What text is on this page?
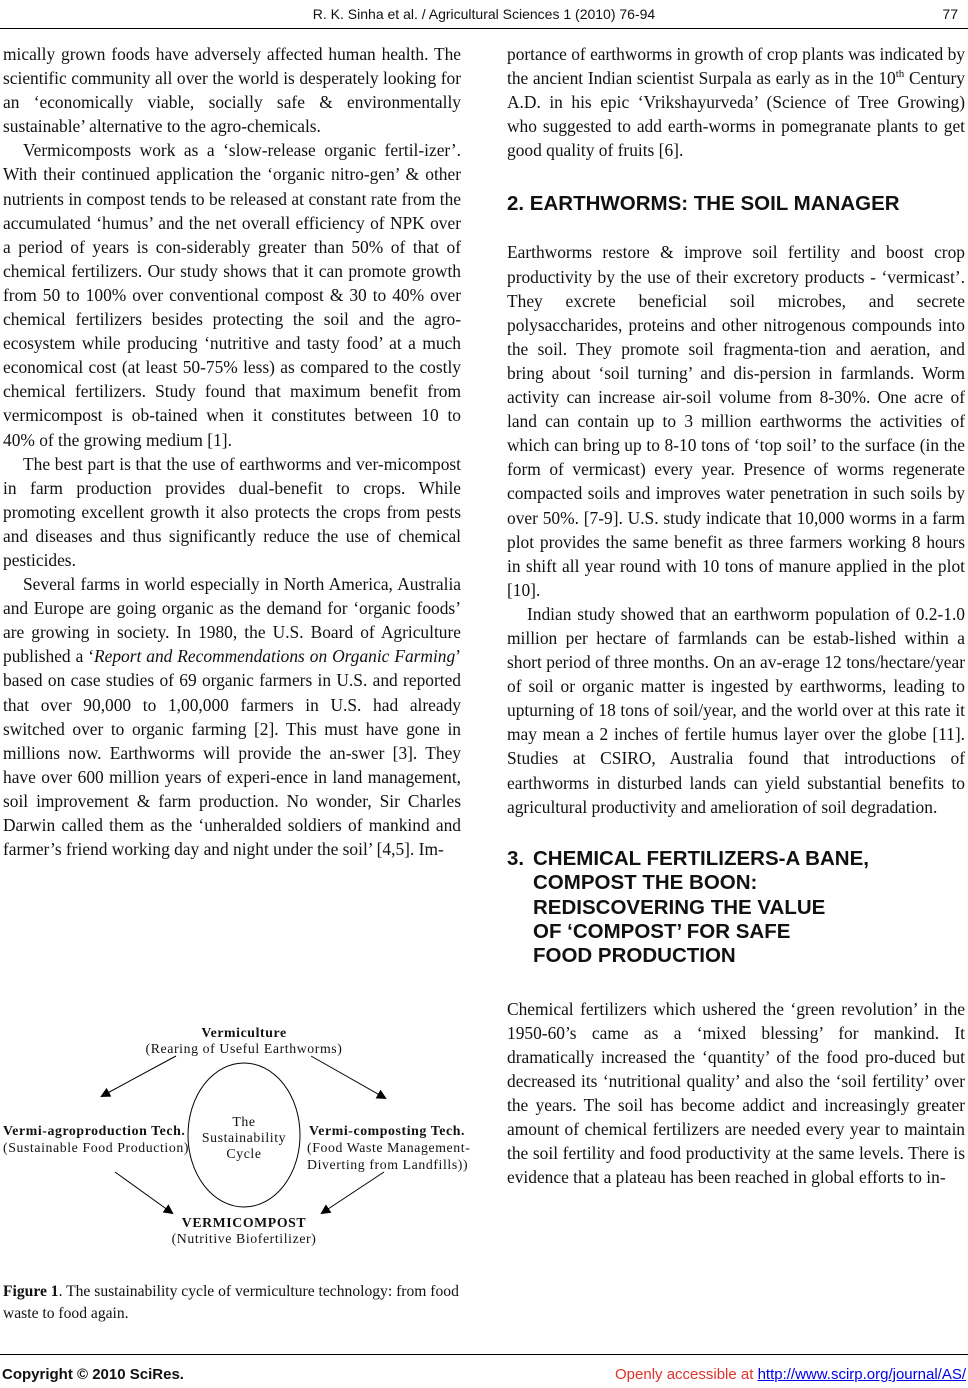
R. K. Sinha et al. / Agricultural Sciences 1 (2010) 76-94	77

mically grown foods have adversely affected human health. The scientific community all over the world is desperately looking for an ‘economically viable, socially safe & environmentally sustainable’ alternative to the agro-chemicals.

Vermicomposts work as a ‘slow-release organic fertil-izer’. With their continued application the ‘organic nitro-gen’ & other nutrients in compost tends to be released at constant rate from the accumulated ‘humus’ and the net overall efficiency of NPK over a period of years is con-siderably greater than 50% of that of chemical fertilizers. Our study shows that it can promote growth from 50 to 100% over conventional compost & 30 to 40% over chemical fertilizers besides protecting the soil and the agro-ecosystem while producing ‘nutritive and tasty food’ at a much economical cost (at least 50-75% less) as compared to the costly chemical fertilizers. Study found that maximum benefit from vermicompost is ob-tained when it constitutes between 10 to 40% of the growing medium [1].

The best part is that the use of earthworms and ver-micompost in farm production provides dual-benefit to crops. While promoting excellent growth it also protects the crops from pests and diseases and thus significantly reduce the use of chemical pesticides.

Several farms in world especially in North America, Australia and Europe are going organic as the demand for ‘organic foods’ are growing in society. In 1980, the U.S. Board of Agriculture published a ‘Report and Recommendations on Organic Farming’ based on case studies of 69 organic farmers in U.S. and reported that over 90,000 to 1,00,000 farmers in U.S. had already switched over to organic farming [2]. This must have gone in millions now. Earthworms will provide the an-swer [3]. They have over 600 million years of experi-ence in land management, soil improvement & farm production. No wonder, Sir Charles Darwin called them as the ‘unheralded soldiers of mankind and farmer’s friend working day and night under the soil’ [4,5]. Im-

Vermiculture
(Rearing of Useful Earthworms)
Vermi-agroproduction Tech.
(Sustainable Food Production)
Vermi-composting Tech.
(Food Waste Management-
Diverting from Landfills))
The
Sustainability
Cycle
VERMICOMPOST
(Nutritive Biofertilizer)
Figure 1. The sustainability cycle of vermiculture technology: from food waste to food again.

portance of earthworms in growth of crop plants was indicated by the ancient Indian scientist Surpala as early as in the 10th Century A.D. in his epic ‘Vrikshayurveda’ (Science of Tree Growing) who suggested to add earth-worms in pomegranate plants to get good quality of fruits [6].

2. EARTHWORMS: THE SOIL MANAGER

Earthworms restore & improve soil fertility and boost crop productivity by the use of their excretory products - ‘vermicast’. They excrete beneficial soil microbes, and secrete polysaccharides, proteins and other nitrogenous compounds into the soil. They promote soil fragmenta-tion and aeration, and bring about ‘soil turning’ and dis-persion in farmlands. Worm activity can increase air-soil volume from 8-30%. One acre of land can contain up to 3 million earthworms the activities of which can bring up to 8-10 tons of ‘top soil’ to the surface (in the form of vermicast) every year. Presence of worms regenerate compacted soils and improves water penetration in such soils by over 50%. [7-9]. U.S. study indicate that 10,000 worms in a farm plot provides the same benefit as three farmers working 8 hours in shift all year round with 10 tons of manure applied in the plot [10].

Indian study showed that an earthworm population of 0.2-1.0 million per hectare of farmlands can be estab-lished within a short period of three months. On an av-erage 12 tons/hectare/year of soil or organic matter is ingested by earthworms, leading to upturning of 18 tons of soil/year, and the world over at this rate it may mean a 2 inches of fertile humus layer over the globe [11]. Studies at CSIRO, Australia found that introductions of earthworms in disturbed lands can yield substantial benefits to agricultural productivity and amelioration of soil degradation.

3. CHEMICAL FERTILIZERS-A BANE,
COMPOST THE BOON:
REDISCOVERING THE VALUE
OF ‘COMPOST’ FOR SAFE
FOOD PRODUCTION

Chemical fertilizers which ushered the ‘green revolution’ in the 1950-60’s came as a ‘mixed blessing’ for mankind. It dramatically increased the ‘quantity’ of the food pro-duced but decreased its ‘nutritional quality’ and also the ‘soil fertility’ over the years. The soil has become addict and increasingly greater amount of chemical fertilizers are needed every year to maintain the soil fertility and food productivity at the same levels. There is evidence that a plateau has been reached in global efforts to in-

Copyright © 2010 SciRes.	Openly accessible at http://www.scirp.org/journal/AS/
